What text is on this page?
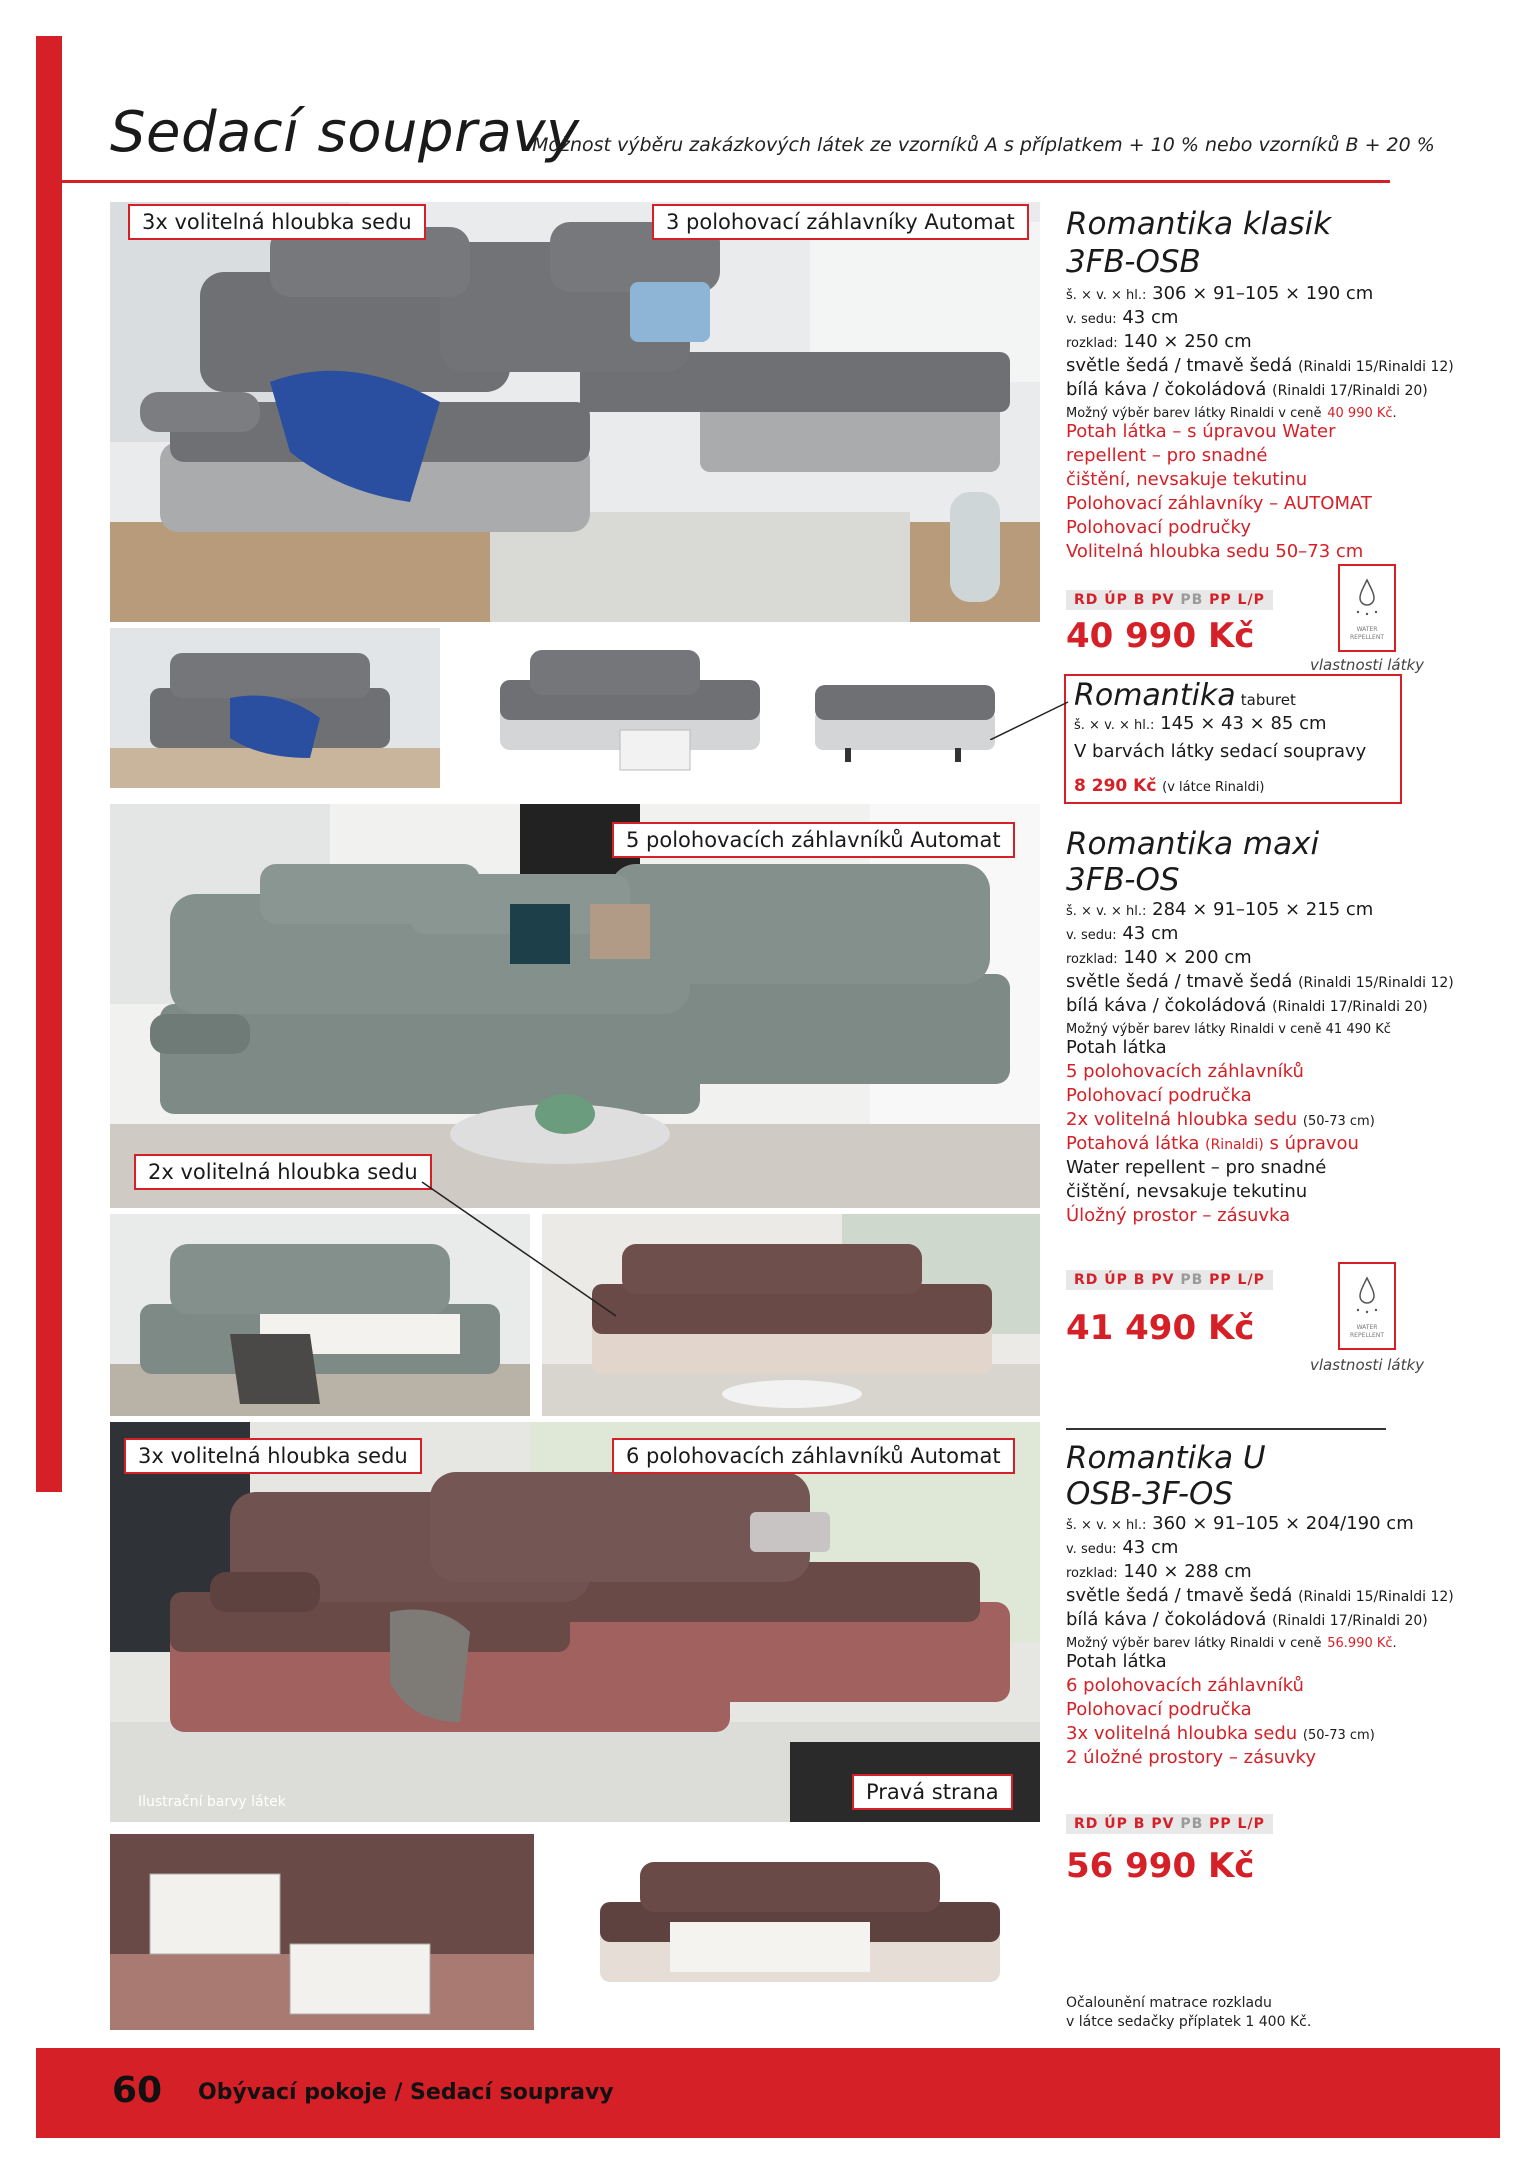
Sedací soupravy
Možnost výběru zakázkových látek ze vzorníků A s příplatkem + 10 % nebo vzorníků B + 20 %
3x volitelná hloubka sedu	3 polohovací záhlavníky Automat	Romantika klasik
3FB-OSB
š. × v. × hl.: 306 × 91–105 × 190 cm
v. sedu: 43 cm
rozklad: 140 × 250 cm
světle šedá / tmavě šedá (Rinaldi 15/Rinaldi 12)
bílá káva / čokoládová (Rinaldi 17/Rinaldi 20)
Možný výběr barev látky Rinaldi v ceně 40 990 Kč.
Potah látka – s úpravou Water
repellent – pro snadné
čištění, nevsakuje tekutinu
Polohovací záhlavníky – AUTOMAT
Polohovací područky
Volitelná hloubka sedu 50–73 cm
RD ÚP B PV PB PP L/P
40 990 Kč	WATER REPELLENT
vlastnosti látky
Romantika taburet
š. × v. × hl.: 145 × 43 × 85 cm
V barvách látky sedací soupravy
8 290 Kč (v látce Rinaldi)
5 polohovacích záhlavníků Automat
2x volitelná hloubka sedu
Romantika maxi
3FB-OS
š. × v. × hl.: 284 × 91–105 × 215 cm
v. sedu: 43 cm
rozklad: 140 × 200 cm
světle šedá / tmavě šedá (Rinaldi 15/Rinaldi 12)
bílá káva / čokoládová (Rinaldi 17/Rinaldi 20)
Možný výběr barev látky Rinaldi v ceně 41 490 Kč
Potah látka
5 polohovacích záhlavníků
Polohovací područka
2x volitelná hloubka sedu (50-73 cm)
Potahová látka (Rinaldi) s úpravou
Water repellent – pro snadné
čištění, nevsakuje tekutinu
Úložný prostor – zásuvka
RD ÚP B PV PB PP L/P
41 490 Kč	WATER REPELLENT
vlastnosti látky
3x volitelná hloubka sedu	6 polohovacích záhlavníků Automat
Pravá strana
Ilustrační barvy látek
Romantika U
OSB-3F-OS
š. × v. × hl.: 360 × 91–105 × 204/190 cm
v. sedu: 43 cm
rozklad: 140 × 288 cm
světle šedá / tmavě šedá (Rinaldi 15/Rinaldi 12)
bílá káva / čokoládová (Rinaldi 17/Rinaldi 20)
Možný výběr barev látky Rinaldi v ceně 56.990 Kč.
Potah látka
6 polohovacích záhlavníků
Polohovací područka
3x volitelná hloubka sedu (50-73 cm)
2 úložné prostory – zásuvky
RD ÚP B PV PB PP L/P
56 990 Kč
Očalounění matrace rozkladu
v látce sedačky příplatek 1 400 Kč.
60 Obývací pokoje / Sedací soupravy
